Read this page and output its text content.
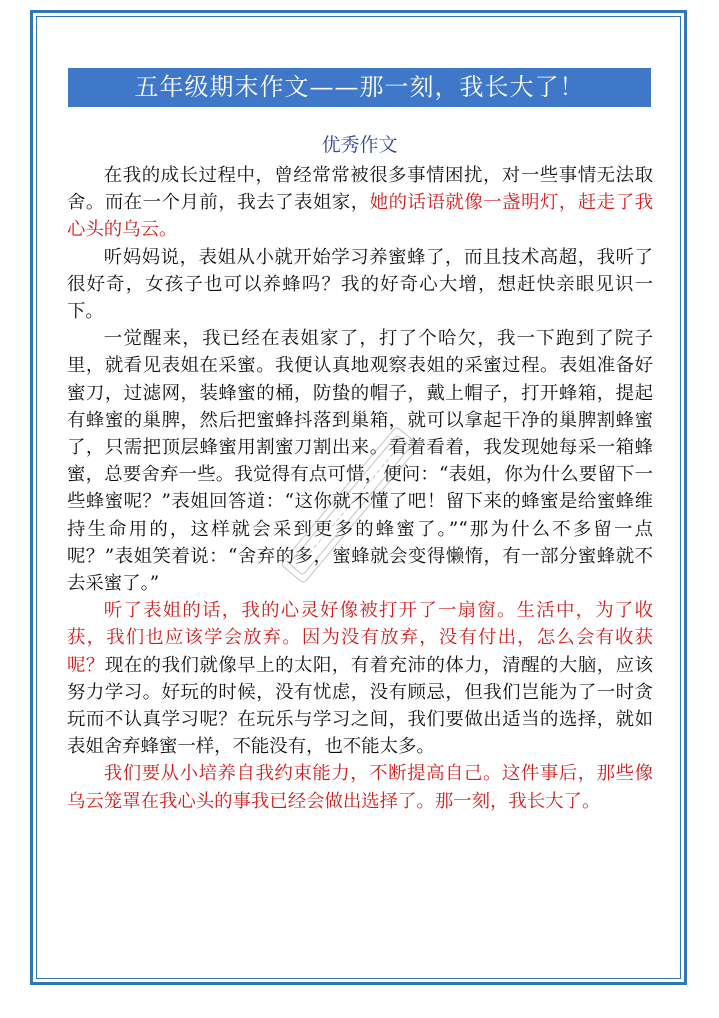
五年级期末作文——那一刻，我长大了！
优秀作文

在我的成长过程中，曾经常常被很多事情困扰，对一些事情无法取舍。而在一个月前，我去了表姐家，她的话语就像一盏明灯，赶走了我心头的乌云。

听妈妈说，表姐从小就开始学习养蜜蜂了，而且技术高超，我听了很好奇，女孩子也可以养蜂吗？我的好奇心大增，想赶快亲眼见识一下。

一觉醒来，我已经在表姐家了，打了个哈欠，我一下跑到了院子里，就看见表姐在采蜜。我便认真地观察表姐的采蜜过程。表姐准备好蜜刀，过滤网，装蜂蜜的桶，防蛰的帽子，戴上帽子，打开蜂箱，提起有蜂蜜的巢脾，然后把蜜蜂抖落到巢箱，就可以拿起干净的巢脾割蜂蜜了，只需把顶层蜂蜜用割蜜刀割出来。看着看着，我发现她每采一箱蜂蜜，总要舍弃一些。我觉得有点可惜，便问：“表姐，你为什么要留下一些蜂蜜呢？”表姐回答道：“这你就不懂了吧！留下来的蜂蜜是给蜜蜂维持生命用的，这样就会采到更多的蜂蜜了。”“那为什么不多留一点呢？”表姐笑着说：“舍弃的多，蜜蜂就会变得懒惰，有一部分蜜蜂就不去采蜜了。”

听了表姐的话，我的心灵好像被打开了一扇窗。生活中，为了收获，我们也应该学会放弃。因为没有放弃，没有付出，怎么会有收获呢？现在的我们就像早上的太阳，有着充沛的体力，清醒的大脑，应该努力学习。好玩的时候，没有忧虑，没有顾忌，但我们岂能为了一时贪玩而不认真学习呢？在玩乐与学习之间，我们要做出适当的选择，就如表姐舍弃蜂蜜一样，不能没有，也不能太多。

我们要从小培养自我约束能力，不断提高自己。这件事后，那些像乌云笼罩在我心头的事我已经会做出选择了。那一刻，我长大了。
